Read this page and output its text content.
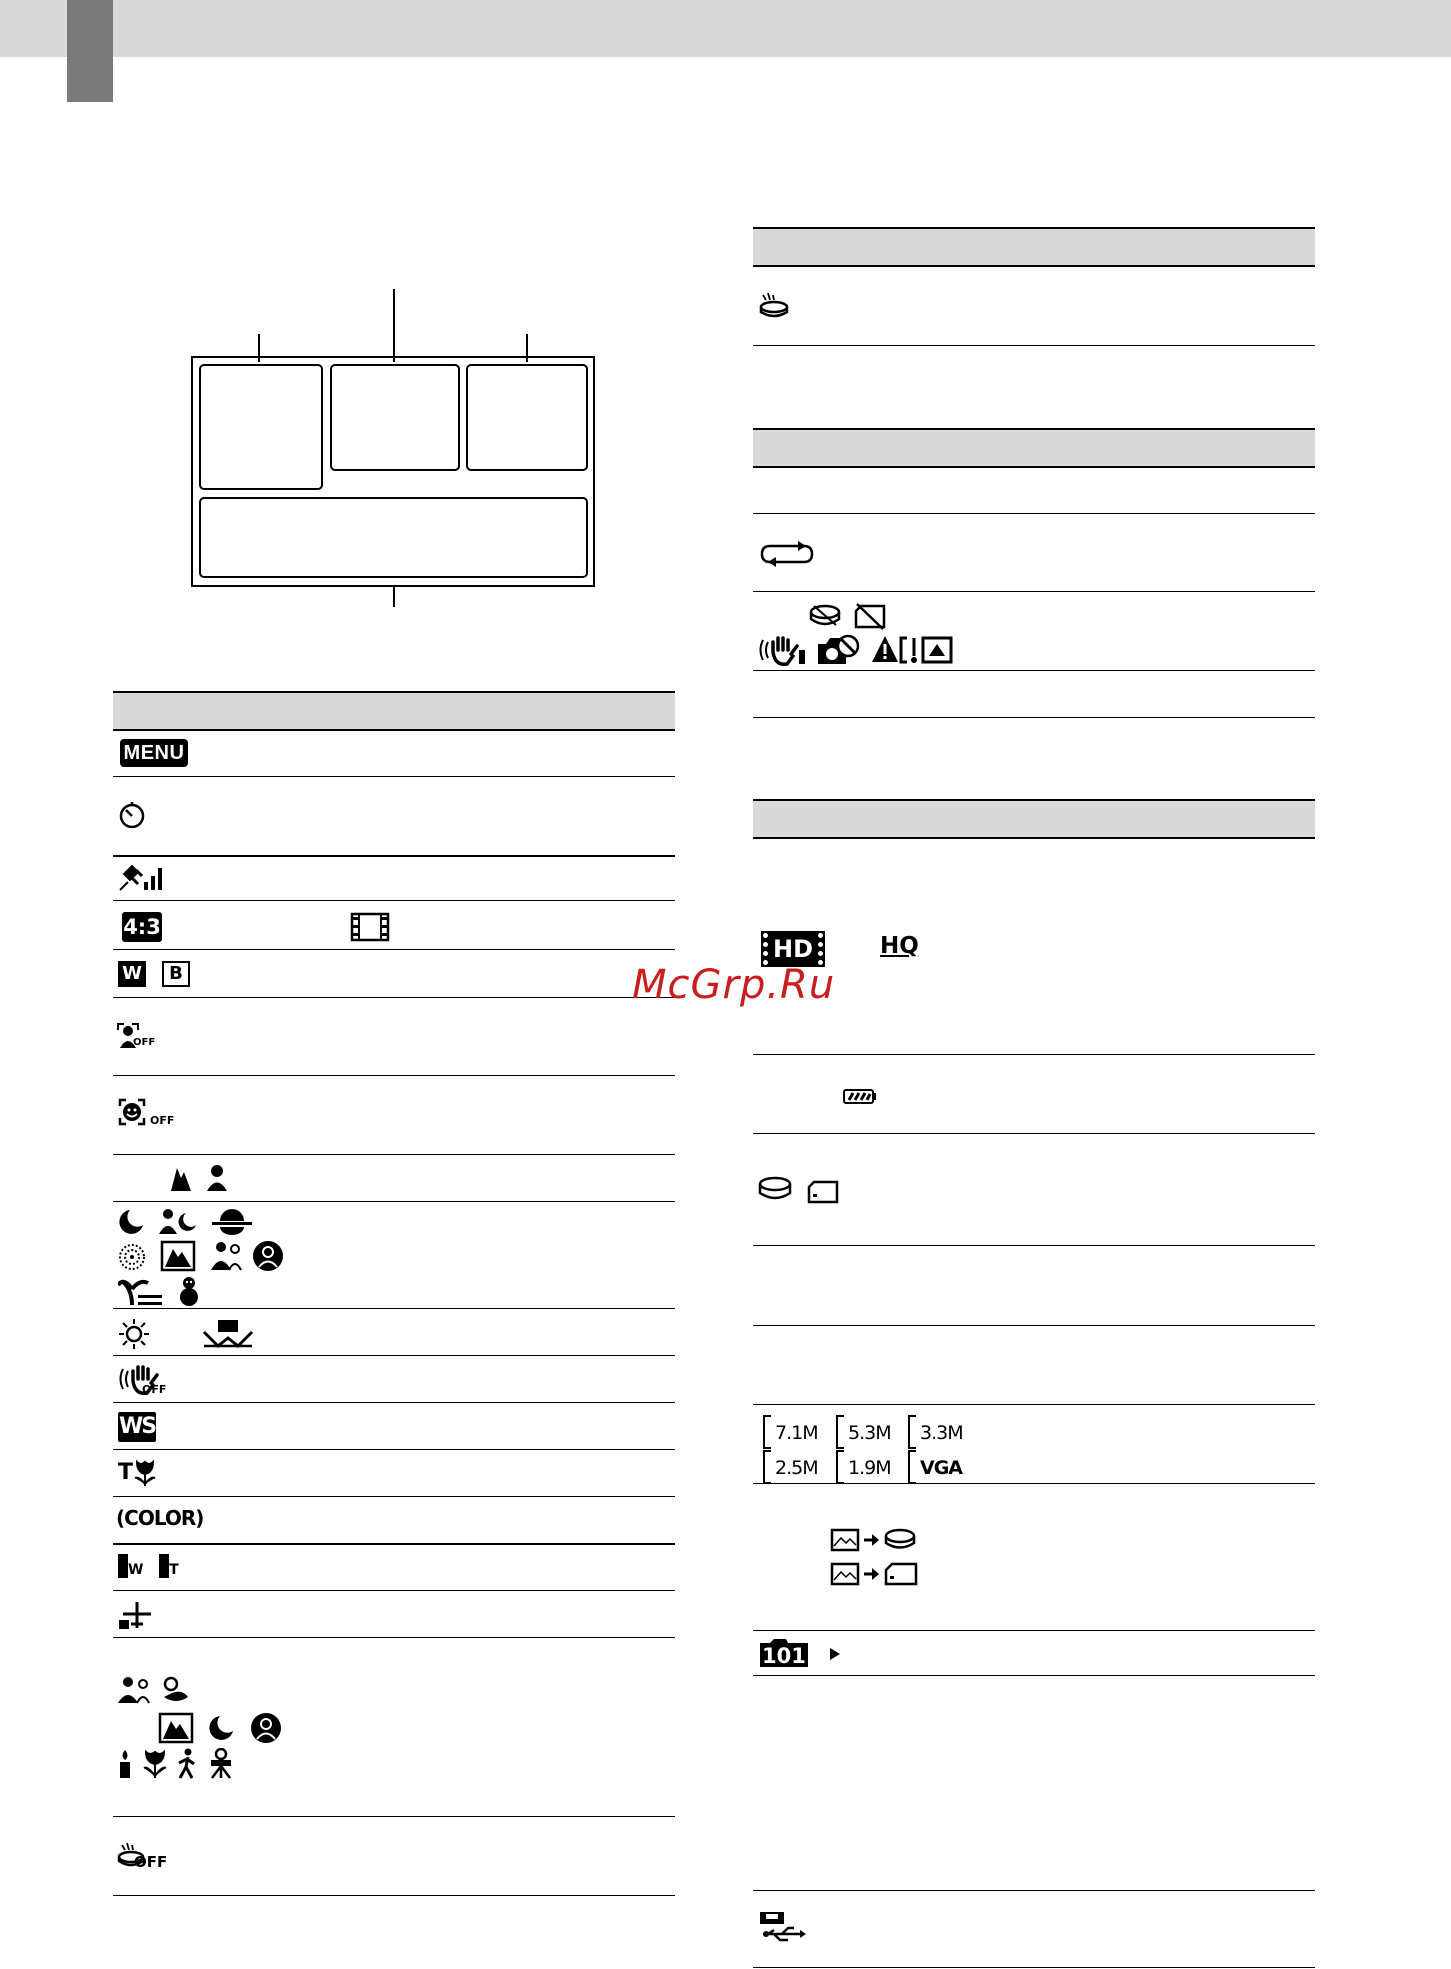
MENU
4:3
W	B
OFF
OFF
OFF
WS
T
(COLOR)
W T
OFF
HD	HQ
McGrp.Ru
7.1M 5.3M 3.3M
2.5M 1.9M VGA
101
